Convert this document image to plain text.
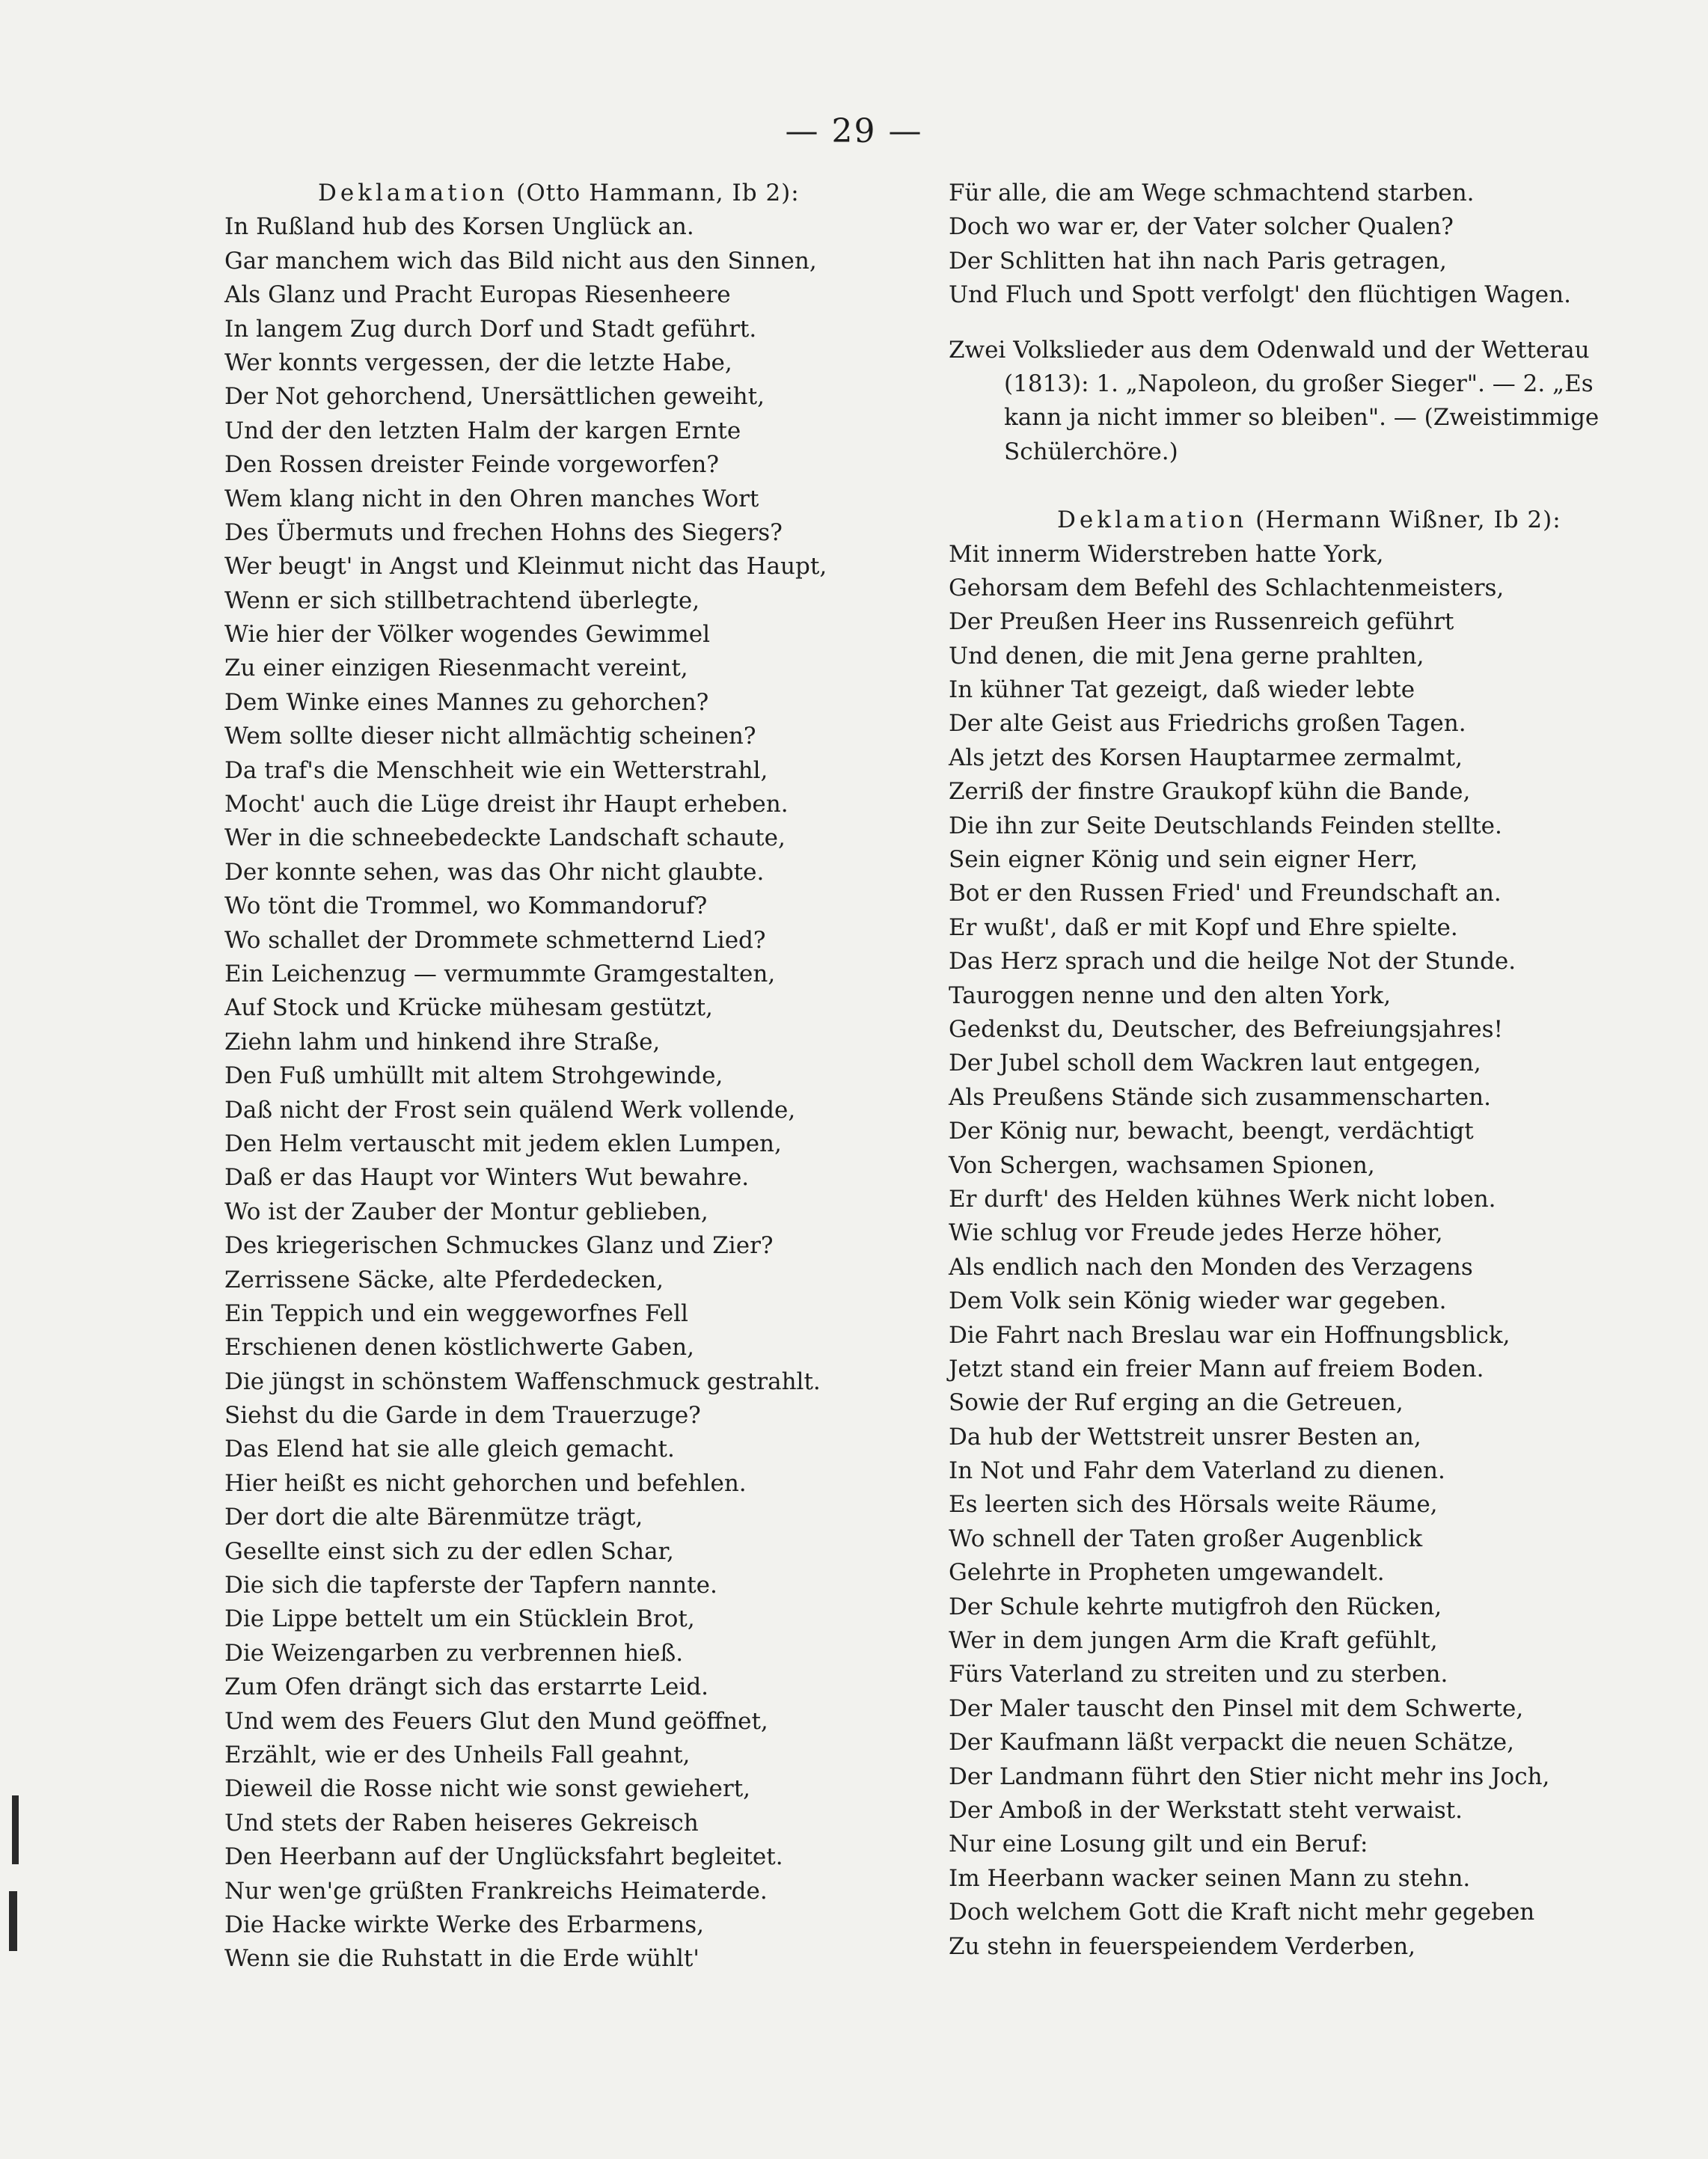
— 29 —
Deklamation (Otto Hammann, Ib 2):
In Rußland hub des Korsen Unglück an.
Gar manchem wich das Bild nicht aus den Sinnen,
Als Glanz und Pracht Europas Riesenheere
In langem Zug durch Dorf und Stadt geführt.
Wer konnts vergessen, der die letzte Habe,
Der Not gehorchend, Unersättlichen geweiht,
Und der den letzten Halm der kargen Ernte
Den Rossen dreister Feinde vorgeworfen?
Wem klang nicht in den Ohren manches Wort
Des Übermuts und frechen Hohns des Siegers?
Wer beugt' in Angst und Kleinmut nicht das Haupt,
Wenn er sich stillbetrachtend überlegte,
Wie hier der Völker wogendes Gewimmel
Zu einer einzigen Riesenmacht vereint,
Dem Winke eines Mannes zu gehorchen?
Wem sollte dieser nicht allmächtig scheinen?
Da traf's die Menschheit wie ein Wetterstrahl,
Mocht' auch die Lüge dreist ihr Haupt erheben.
Wer in die schneebedeckte Landschaft schaute,
Der konnte sehen, was das Ohr nicht glaubte.
Wo tönt die Trommel, wo Kommandoruf?
Wo schallet der Drommete schmetternd Lied?
Ein Leichenzug — vermummte Gramgestalten,
Auf Stock und Krücke mühesam gestützt,
Ziehn lahm und hinkend ihre Straße,
Den Fuß umhüllt mit altem Strohgewinde,
Daß nicht der Frost sein quälend Werk vollende,
Den Helm vertauscht mit jedem eklen Lumpen,
Daß er das Haupt vor Winters Wut bewahre.
Wo ist der Zauber der Montur geblieben,
Des kriegerischen Schmuckes Glanz und Zier?
Zerrissene Säcke, alte Pferdedecken,
Ein Teppich und ein weggeworfnes Fell
Erschienen denen köstlichwerte Gaben,
Die jüngst in schönstem Waffenschmuck gestrahlt.
Siehst du die Garde in dem Trauerzuge?
Das Elend hat sie alle gleich gemacht.
Hier heißt es nicht gehorchen und befehlen.
Der dort die alte Bärenmütze trägt,
Gesellte einst sich zu der edlen Schar,
Die sich die tapferste der Tapfern nannte.
Die Lippe bettelt um ein Stücklein Brot,
Die Weizengarben zu verbrennen hieß.
Zum Ofen drängt sich das erstarrte Leid.
Und wem des Feuers Glut den Mund geöffnet,
Erzählt, wie er des Unheils Fall geahnt,
Dieweil die Rosse nicht wie sonst gewiehert,
Und stets der Raben heiseres Gekreisch
Den Heerbann auf der Unglücksfahrt begleitet.
Nur wen'ge grüßten Frankreichs Heimaterde.
Die Hacke wirkte Werke des Erbarmens,
Wenn sie die Ruhstatt in die Erde wühlt'
Für alle, die am Wege schmachtend starben.
Doch wo war er, der Vater solcher Qualen?
Der Schlitten hat ihn nach Paris getragen,
Und Fluch und Spott verfolgt' den flüchtigen Wagen.
Zwei Volkslieder aus dem Odenwald und der Wetterau
(1813): 1. „Napoleon, du großer Sieger". — 2. „Es
kann ja nicht immer so bleiben". — (Zweistimmige
Schülerchöre.)
Deklamation (Hermann Wißner, Ib 2):
Mit innerm Widerstreben hatte York,
Gehorsam dem Befehl des Schlachtenmeisters,
Der Preußen Heer ins Russenreich geführt
Und denen, die mit Jena gerne prahlten,
In kühner Tat gezeigt, daß wieder lebte
Der alte Geist aus Friedrichs großen Tagen.
Als jetzt des Korsen Hauptarmee zermalmt,
Zerriß der finstre Graukopf kühn die Bande,
Die ihn zur Seite Deutschlands Feinden stellte.
Sein eigner König und sein eigner Herr,
Bot er den Russen Fried' und Freundschaft an.
Er wußt', daß er mit Kopf und Ehre spielte.
Das Herz sprach und die heilge Not der Stunde.
Tauroggen nenne und den alten York,
Gedenkst du, Deutscher, des Befreiungsjahres!
Der Jubel scholl dem Wackren laut entgegen,
Als Preußens Stände sich zusammenscharten.
Der König nur, bewacht, beengt, verdächtigt
Von Schergen, wachsamen Spionen,
Er durft' des Helden kühnes Werk nicht loben.
Wie schlug vor Freude jedes Herze höher,
Als endlich nach den Monden des Verzagens
Dem Volk sein König wieder war gegeben.
Die Fahrt nach Breslau war ein Hoffnungsblick,
Jetzt stand ein freier Mann auf freiem Boden.
Sowie der Ruf erging an die Getreuen,
Da hub der Wettstreit unsrer Besten an,
In Not und Fahr dem Vaterland zu dienen.
Es leerten sich des Hörsals weite Räume,
Wo schnell der Taten großer Augenblick
Gelehrte in Propheten umgewandelt.
Der Schule kehrte mutigfroh den Rücken,
Wer in dem jungen Arm die Kraft gefühlt,
Fürs Vaterland zu streiten und zu sterben.
Der Maler tauscht den Pinsel mit dem Schwerte,
Der Kaufmann läßt verpackt die neuen Schätze,
Der Landmann führt den Stier nicht mehr ins Joch,
Der Amboß in der Werkstatt steht verwaist.
Nur eine Losung gilt und ein Beruf:
Im Heerbann wacker seinen Mann zu stehn.
Doch welchem Gott die Kraft nicht mehr gegeben
Zu stehn in feuerspeiendem Verderben,
